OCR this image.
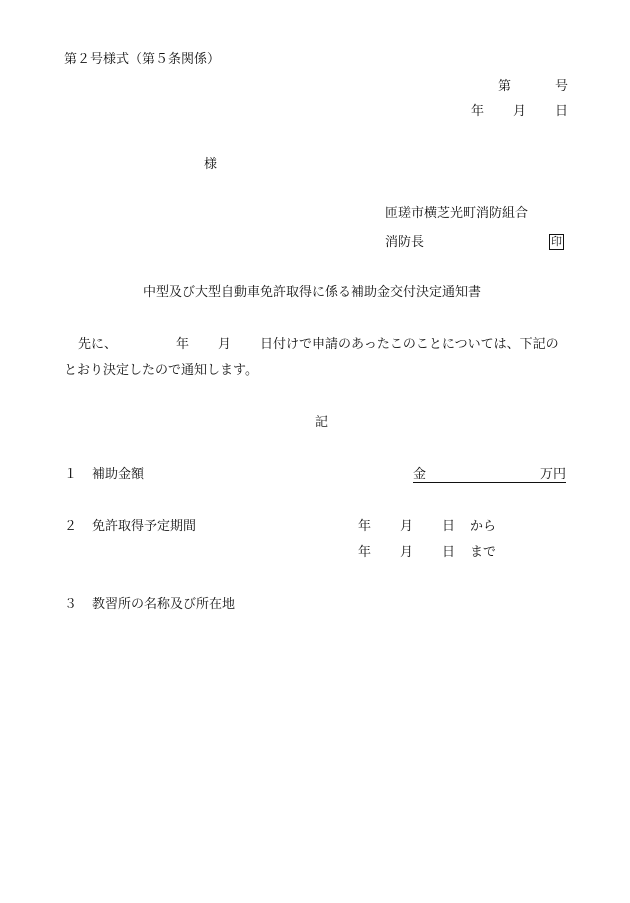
第２号様式（第５条関係）
第	号
年 月 日
様
匝瑳市横芝光町消防組合
消防長	印
中型及び大型自動車免許取得に係る補助金交付決定通知書
先に、	年 月 日付けで申請のあったこのことについては、下記の
とおり決定したので通知します。
記
１ 補助金額	金	万円
２ 免許取得予定期間	年 月 日 から
年 月 日 まで
３ 教習所の名称及び所在地
